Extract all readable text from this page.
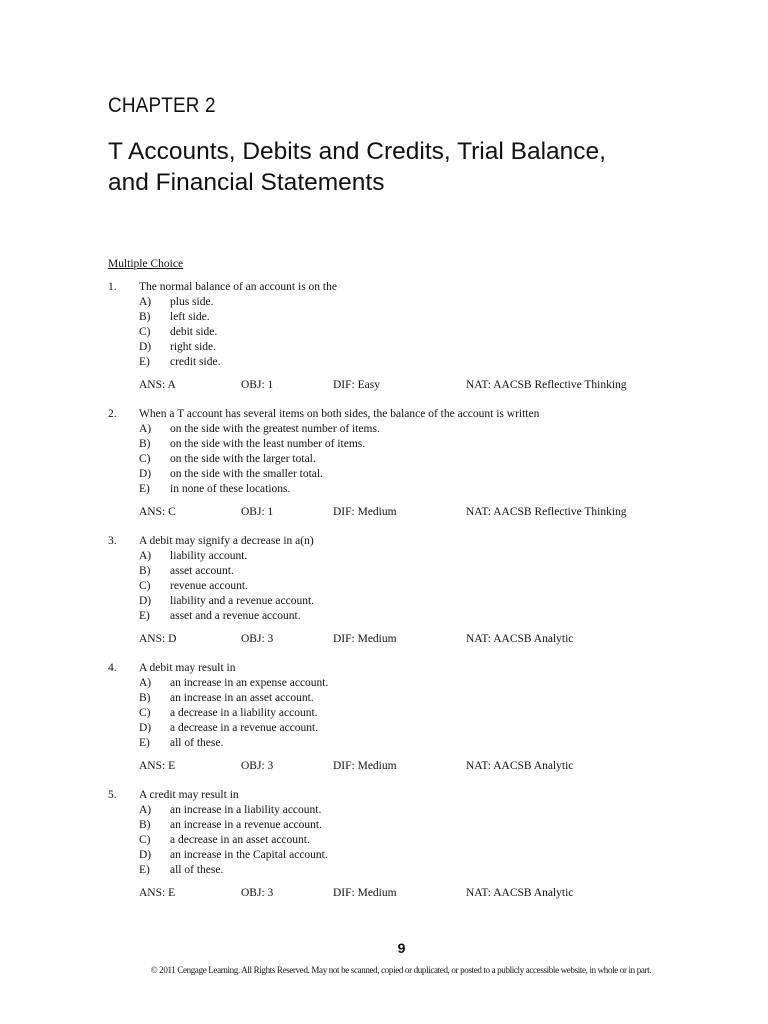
CHAPTER 2
T Accounts, Debits and Credits, Trial Balance,
and Financial Statements
Multiple Choice
1. The normal balance of an account is on the
A) plus side.
B) left side.
C) debit side.
D) right side.
E) credit side.
ANS: A	OBJ: 1	DIF: Easy	NAT: AACSB Reflective Thinking
2. When a T account has several items on both sides, the balance of the account is written
A) on the side with the greatest number of items.
B) on the side with the least number of items.
C) on the side with the larger total.
D) on the side with the smaller total.
E) in none of these locations.
ANS: C	OBJ: 1	DIF: Medium	NAT: AACSB Reflective Thinking
3. A debit may signify a decrease in a(n)
A) liability account.
B) asset account.
C) revenue account.
D) liability and a revenue account.
E) asset and a revenue account.
ANS: D	OBJ: 3	DIF: Medium	NAT: AACSB Analytic
4. A debit may result in
A) an increase in an expense account.
B) an increase in an asset account.
C) a decrease in a liability account.
D) a decrease in a revenue account.
E) all of these.
ANS: E	OBJ: 3	DIF: Medium	NAT: AACSB Analytic
5. A credit may result in
A) an increase in a liability account.
B) an increase in a revenue account.
C) a decrease in an asset account.
D) an increase in the Capital account.
E) all of these.
ANS: E	OBJ: 3	DIF: Medium	NAT: AACSB Analytic
9
© 2011 Cengage Learning. All Rights Reserved. May not be scanned, copied or duplicated, or posted to a publicly accessible website, in whole or in part.
